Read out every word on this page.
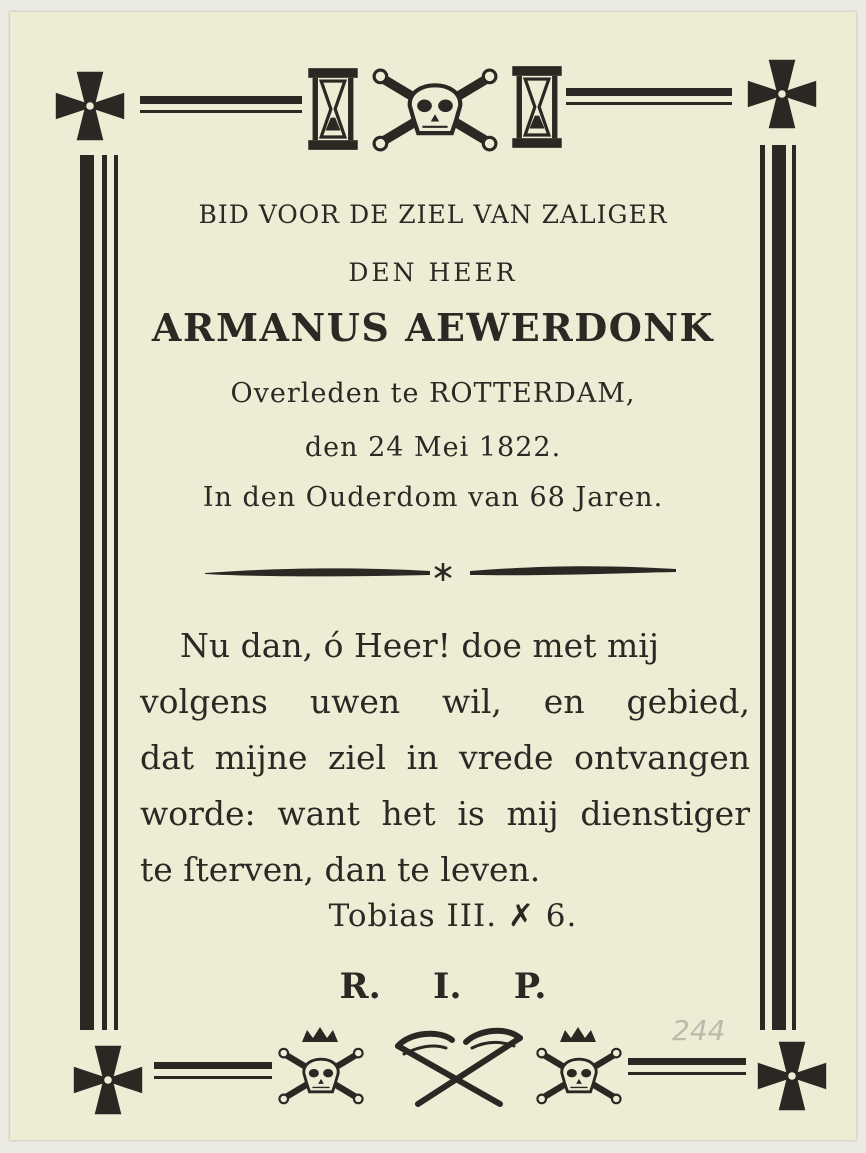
244

BID VOOR DE ZIEL VAN ZALIGER

DEN HEER

ARMANUS AEWERDONK

Overleden te ROTTERDAM,

den 24 Mei 1822.

In den Ouderdom van 68 Jaren.

Nu dan, ó Heer! doe met mij
volgens uwen wil, en gebied,
dat mijne ziel in vrede ontvangen
worde: want het is mij dienstiger
te ſterven, dan te leven.

Tobias III. ✗ 6.

R. I. P.
